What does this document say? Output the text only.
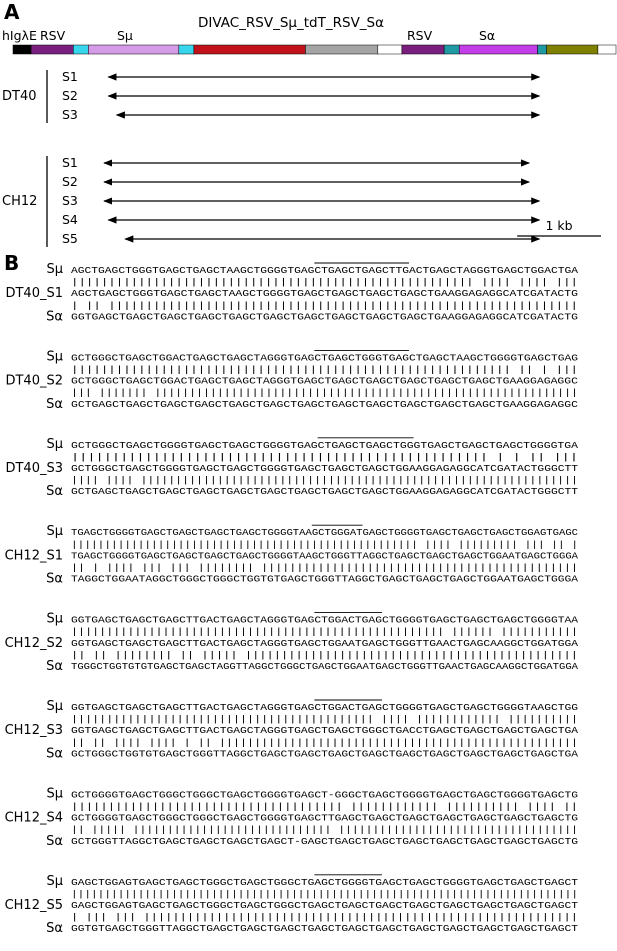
A	DIVAC_RSV_Sμ_tdT_RSV_Sα
hIgλE RSV	Sμ	RSV	Sα
S1
S2
S3
DT40
S1
S2
S3
S4
S5
CH12
1 kb
B Sμ
DT40_S1
Sα
AGCTGAGCTGGGTGAGCTGAGCTAAGCTGGGGTGAGCTGAGCTGAGCTTGACTGAGCTAGGGTGAGCTGGACTGA
|||||||||||||||||||||||||||||||||||||||||||||||||||||| |||| |||| |||
AGCTGAGCTGGGTGAGCTGAGCTAAGCTGGGGTGAGCTGAGCTGAGCTGAGCTGAAGGAGAGGCATCGATACTG
| || |||||||||||||||||||||||||||||||||||||||||||||||||||||||||||||||
GGTGAGCTGAGCTGAGCTGAGCTGAGCTGAGCTGAGCTGAGCTGAGCTGAGCTGAAGGAGAGGCATCGATACTG
Sμ
DT40_S2
Sα
GCTGGGCTGAGCTGGACTGAGCTGAGCTAGGGTGAGCTGAGCTGGGTGAGCTGAGCTAAGCTGGGGTGAGCTGAG
||||||||||||||||||||||||||||||||||||||||||||||||||||||||||| || | |||
GCTGGGCTGAGCTGGACTGAGCTGAGCTAGGGTGAGCTGAGCTGAGCTGAGCTGAGCTGAGCTGAAGGAGAGGC
||| ||||||| |||||||||||||||||||||||||||||||||||||||||||||||||||||||||||||
GCTGAGCTGAGCTGAGCTGAGCTGAGCTGAGCTGAGCTGAGCTGAGCTGAGCTGAGCTGAGCTGAAGGAGAGGC
Sμ
DT40_S3
Sα
GCTGGGCTGAGCTGGGGTGAGCTGAGCTGGGGTGAGCTGAGCTGAGCTGGGTGAGCTGAGCTGAGCTGGGGTGA
||||||||||||||||||||||||||||||||||||||||||||||||||| | | || |||
GCTGGGCTGAGCTGGGGTGAGCTGAGCTGGGGTGAGCTGAGCTGAGCTGGAAGGAGAGGCATCGATACTGGGCTT
|||| |||| |||||||||||||||||||||||||||||||||||||||||||||||||||||||||||||||
GCTGAGCTGAGCTGAGCTGAGCTGAGCTGAGCTGAGCTGAGCTGAGCTGGAAGGAGAGGCATCGATACTGGGCTT
Sμ
CH12_S1
Sα
TGAGCTGGGGTGAGCTGAGCTGAGCTGAGCTGGGGTAAGCTGGGATGAGCTGGGGTGAGCTGAGCTGAGCTGGAGTGAGC
|||||||||||||||||||||||||||||||||||||||||||||||||||| |||| ||||||||| ||| || |
TGAGCTGGGGTGAGCTGAGCTGAGCTGAGCTGGGGTAAGCTGGGTTAGGCTGAGCTGAGCTGAGCTGGAATGAGCTGGGA
|| | |||| ||| ||| |||||||| |||||||||||||||||||||||||||||||||||||||||||||
TAGGCTGGAATAGGCTGGGCTGGGCTGGTGTGAGCTGGGTTAGGCTGAGCTGAGCTGAGCTGGAATGAGCTGGGA
Sμ
CH12_S2
Sα
GGTGAGCTGAGCTGAGCTTGACTGAGCTAGGGTGAGCTGGACTGAGCTGGGGTGAGCTGAGCTGAGCTGGGGTAA
||||||||||||||||||||||||||||||||||||||||||||||||||||| |||||| |||||||||||
GGTGAGCTGAGCTGAGCTTGACTGAGCTAGGGTGAGCTGGAATGAGCTGGGTTGAACTGAGCAAGGCTGGATGGA
|| || |||||||| || ||||| ||||||||||||||||||||||||||||||||||||||||||||||
TGGGCTGGTGTGTGAGCTGAGCTAGGTTAGGCTGGGCTGAGCTGGAATGAGCTGGGTTGAACTGAGCAAGGCTGGATGGA
Sμ
CH12_S3
Sα
GGTGAGCTGAGCTGAGCTTGACTGAGCTAGGGTGAGCTGGACTGAGCTGGGGTGAGCTGAGCTGGGGTAAGCTGG
||||||||||||||||||||||||||||||||||||||||||| |||| |||||||||||| ||||||||||
GGTGAGCTGAGCTGAGCTTGACTGAGCTAGGGTGAGCTGAGCTGGGCTGACCTGAGCTGAGCTGAGCTGAGCTGA
|| || |||| |||| | || |||||||||||||||||||||||||||||||||||||||||||||||||||
GCTGGGCTGGTGTGAGCTGGGTTAGGCTGAGCTGAGCTGAGCTGAGCTGAGCTGAGCTGAGCTGAGCTGAGCTGA
Sμ
CH12_S4
Sα
GCTGGGGTGAGCTGGGCTGGGCTGAGCTGGGGTGAGCT-GGGCTGAGCTGGGGTGAGCTGAGCTGGGGTGAGCTG
||||||||||||||||||||||||||||||||||||| |||||||||||| |||||||||| |||| ||
GCTGGGGTGAGCTGGGCTGGGCTGAGCTGGGGTGAGCTTGAGCTGAGCTGAGCTGAGCTGAGCTGAGCTGAGCTG
|| ||||| ||||||||||||||||||||||||||||| |||||||||||||||||||||||||||||||||||
GCTGGGTTAGGCTGAGCTGAGCTGAGCTGAGCT-GAGCTGAGCTGAGCTGAGCTGAGCTGAGCTGAGCTGAGCTG
Sμ
CH12_S5
Sα
GAGCTGGAGTGAGCTGAGCTGGGCTGAGCTGGGCTGAGCTGGGGTGAGCTGAGCTGGGGTGAGCTGAGCTGAGCT
||||||||||||||||||||||||||||||||||||||||||||||||||||||||||||||||||||||||||||
GAGCTGGAGTGAGCTGAGCTGGGCTGAGCTGGGCTGAGCTGAGCTGAGCTGAGCTGAGCTGAGCTGAGCTGAGCT
| ||| ||| ||||||||||||||||||||||||||||||||||||||||||||||||||||||||||||
GGTGTGAGCTGGGTTAGGCTGAGCTGAGCTGAGCTGAGCTGAGCTGAGCTGAGCTGAGCTGAGCTGAGCTGAGCT
